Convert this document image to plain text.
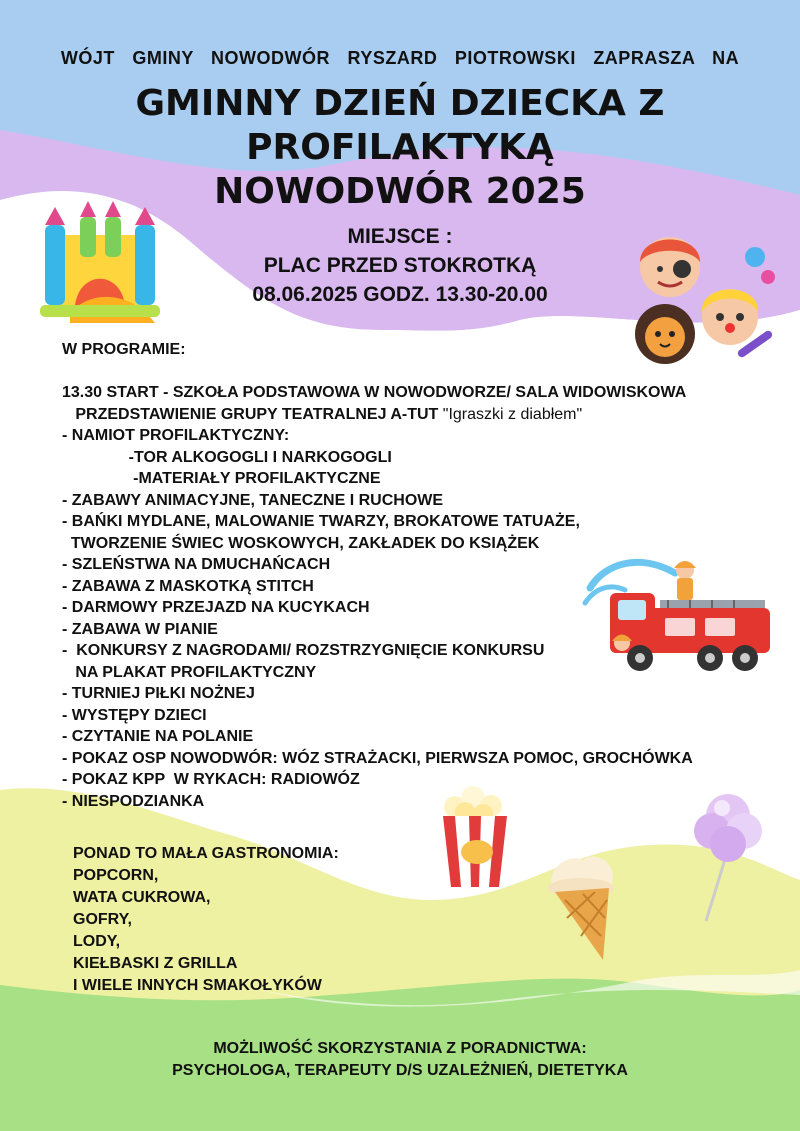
WÓJT GMINY NOWODWÓR RYSZARD PIOTROWSKI ZAPRASZA NA
GMINNY DZIEŃ DZIECKA Z PROFILAKTYKĄ
NOWODWÓR 2025
MIEJSCE :
PLAC PRZED STOKROTKĄ
08.06.2025 GODZ. 13.30-20.00
W PROGRAMIE:
13.30 START - SZKOŁA PODSTAWOWA W NOWODWORZE/ SALA WIDOWISKOWA
PRZEDSTAWIENIE GRUPY TEATRALNEJ A-TUT "Igraszki z diabłem"
- NAMIOT PROFILAKTYCZNY:
-TOR ALKOGOGLI I NARKOGOGLI
-MATERIAŁY PROFILAKTYCZNE
- ZABAWY ANIMACYJNE, TANECZNE I RUCHOWE
- BAŃKI MYDLANE, MALOWANIE TWARZY, BROKATOWE TATUAŻE,
TWORZENIE ŚWIEC WOSKOWYCH, ZAKŁADEK DO KSIĄŻEK
- SZLEŃSTWA NA DMUCHAŃCACH
- ZABAWA Z MASKOTKĄ STITCH
- DARMOWY PRZEJAZD NA KUCYKACH
- ZABAWA W PIANIE
-  KONKURSY Z NAGRODAMI/ ROZSTRZYGNIĘCIE KONKURSU
NA PLAKAT PROFILAKTYCZNY
- TURNIEJ PIŁKI NOŻNEJ
- WYSTĘPY DZIECI
- CZYTANIE NA POLANIE
- POKAZ OSP NOWODWÓR: WÓZ STRAŻACKI, PIERWSZA POMOC, GROCHÓWKA
- POKAZ KPP  W RYKACH: RADIOWÓZ
- NIESPODZIANKA
PONAD TO MAŁA GASTRONOMIA:
POPCORN,
WATA CUKROWA,
GOFRY,
LODY,
KIEŁBASKI Z GRILLA
I WIELE INNYCH SMAKOŁYKÓW
MOŻLIWOŚĆ SKORZYSTANIA Z PORADNICTWA:
PSYCHOLOGA, TERAPEUTY D/S UZALEŻNIEŃ, DIETETYKA
